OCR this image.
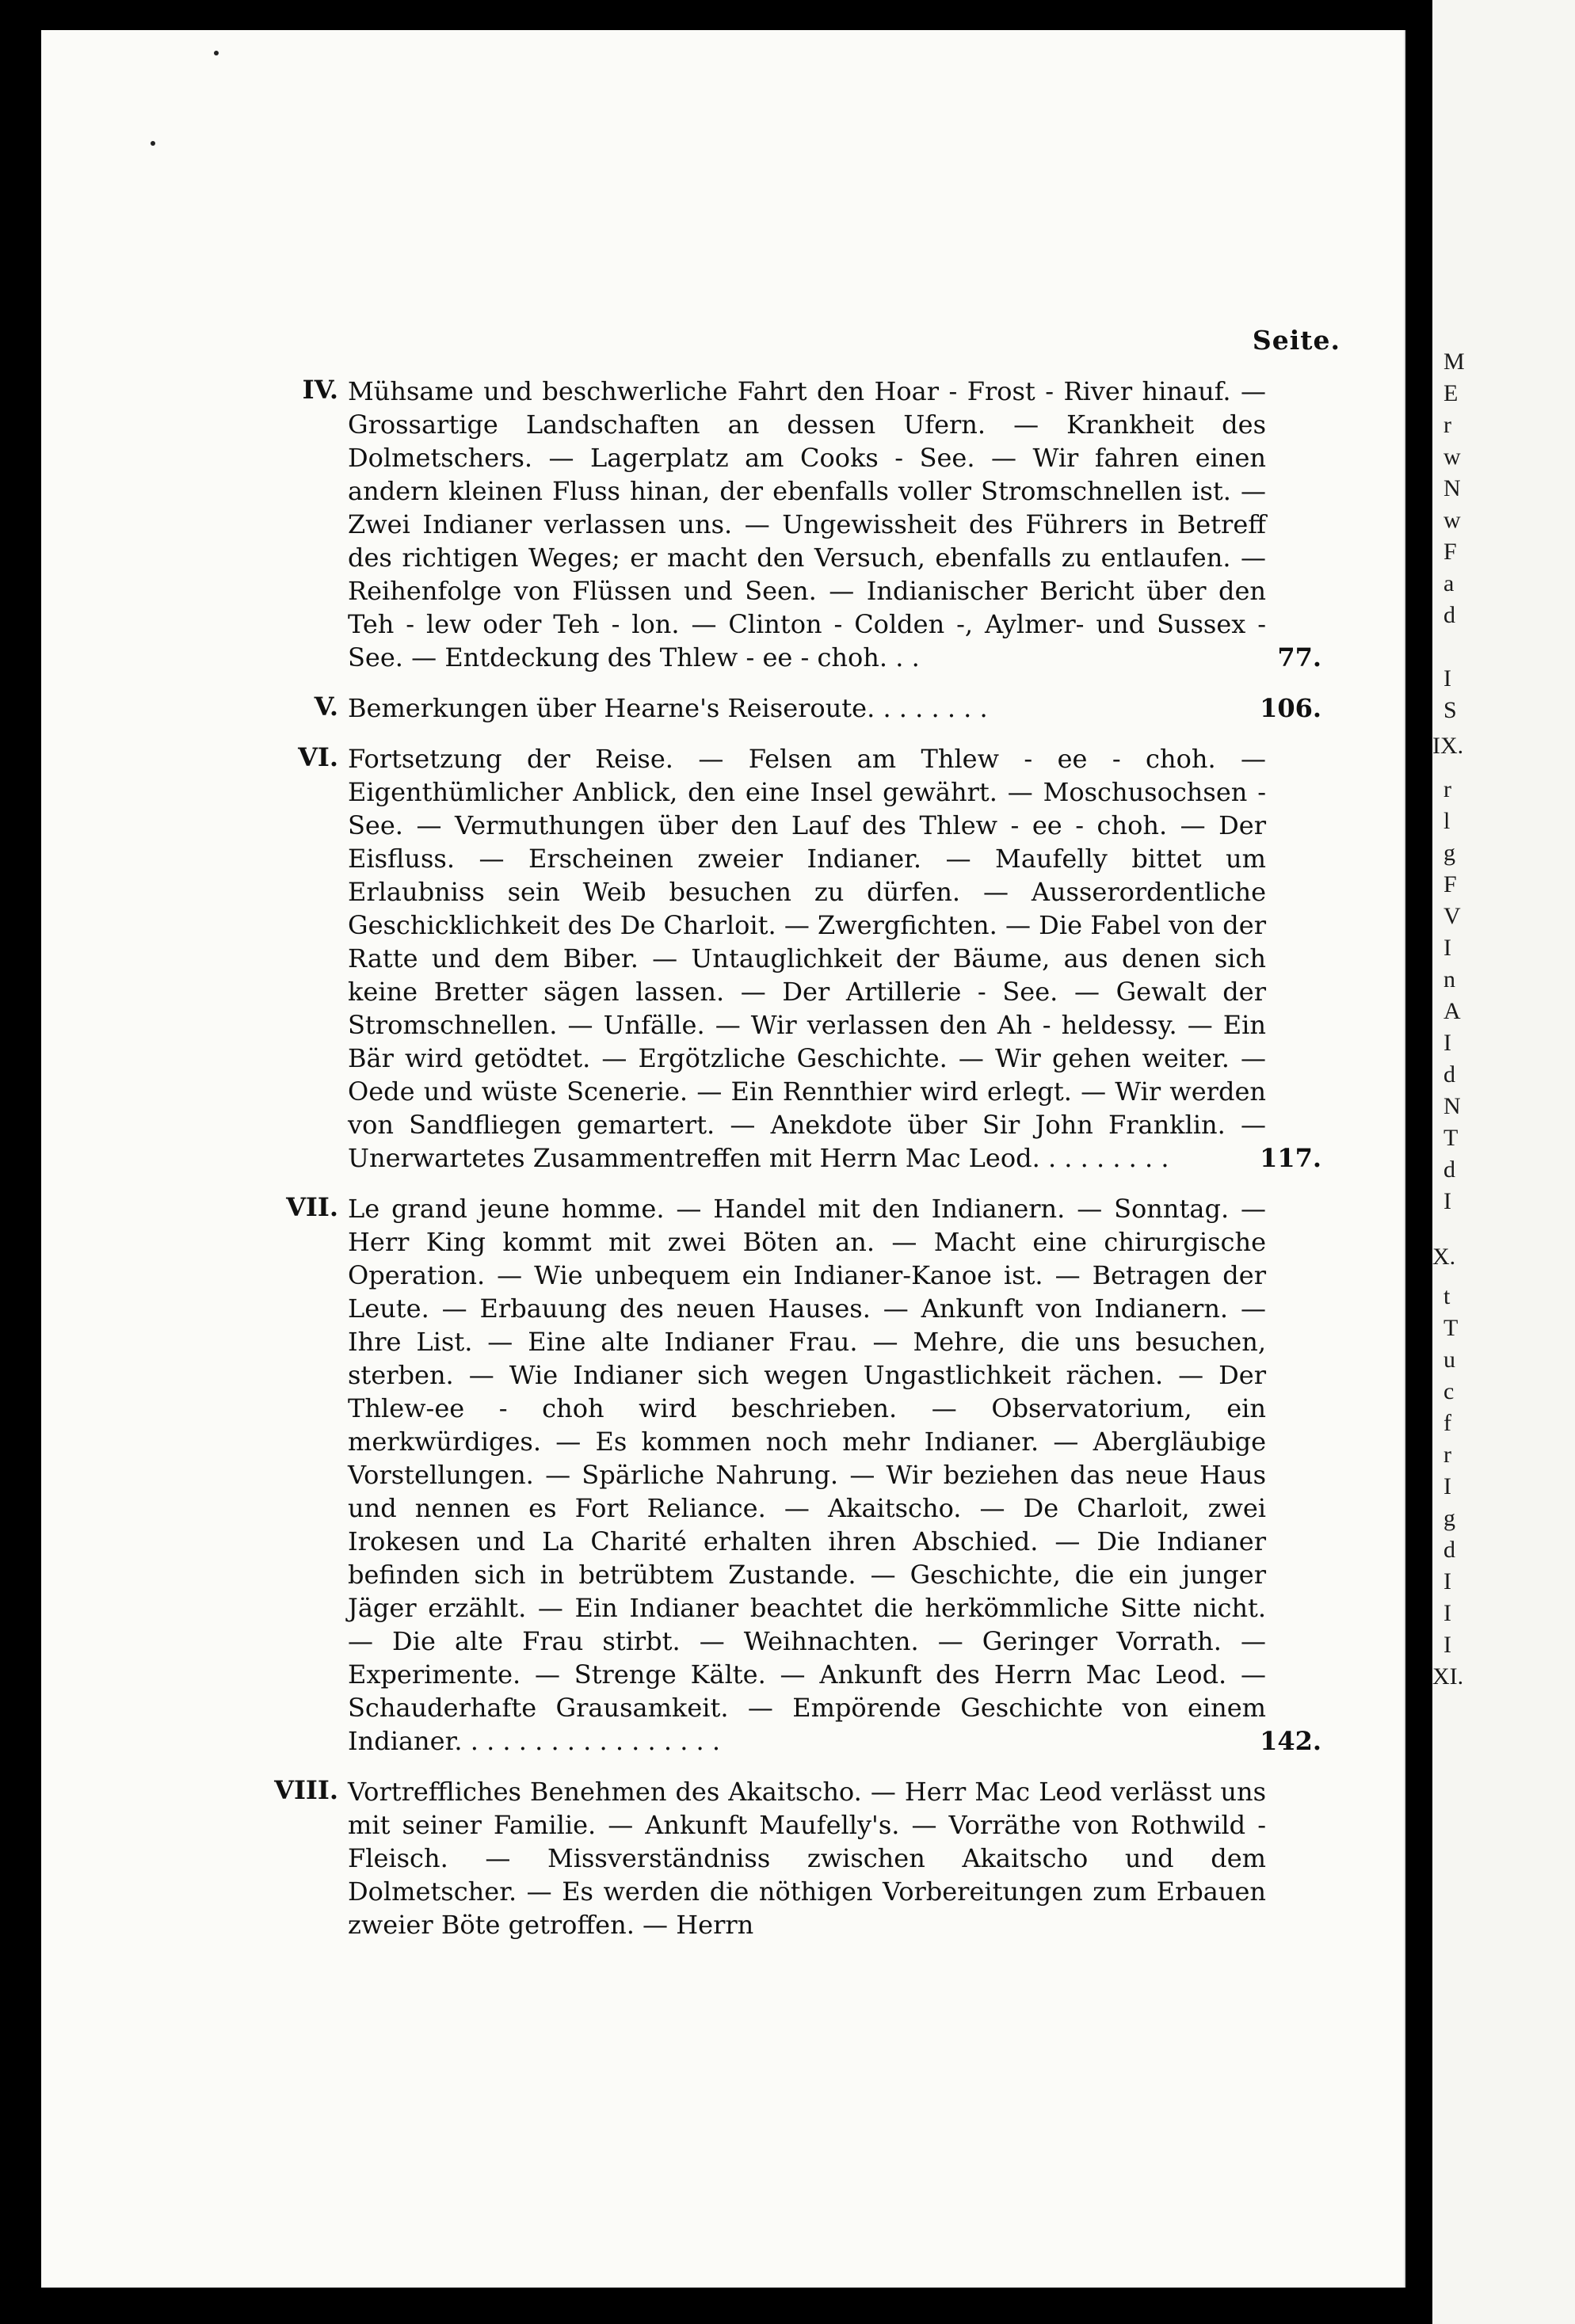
Seite.
IV. Mühsame und beschwerliche Fahrt den Hoar - Frost - River hinauf. — Grossartige Landschaften an dessen Ufern. — Krankheit des Dolmetschers. — Lagerplatz am Cooks - See. — Wir fahren einen andern kleinen Fluss hinan, der ebenfalls voller Stromschnellen ist. — Zwei Indianer verlassen uns. — Ungewissheit des Führers in Betreff des richtigen Weges; er macht den Versuch, ebenfalls zu entlaufen. — Reihenfolge von Flüssen und Seen. — Indianischer Bericht über den Teh - lew oder Teh - lon. — Clinton - Colden -, Aylmer- und Sussex - See. — Entdeckung des Thlew - ee - choh. . .	77.
V. Bemerkungen über Hearne's Reiseroute. . . . . . . .	106.
VI. Fortsetzung der Reise. — Felsen am Thlew - ee - choh. — Eigenthümlicher Anblick, den eine Insel gewährt. — Moschusochsen - See. — Vermuthungen über den Lauf des Thlew - ee - choh. — Der Eisfluss. — Erscheinen zweier Indianer. — Maufelly bittet um Erlaubniss sein Weib besuchen zu dürfen. — Ausserordentliche Geschicklichkeit des De Charloit. — Zwergfichten. — Die Fabel von der Ratte und dem Biber. — Untauglichkeit der Bäume, aus denen sich keine Bretter sägen lassen. — Der Artillerie - See. — Gewalt der Stromschnellen. — Unfälle. — Wir verlassen den Ah - heldessy. — Ein Bär wird getödtet. — Ergötzliche Geschichte. — Wir gehen weiter. — Oede und wüste Scenerie. — Ein Rennthier wird erlegt. — Wir werden von Sandfliegen gemartert. — Anekdote über Sir John Franklin. — Unerwartetes Zusammentreffen mit Herrn Mac Leod. . . . . . . . .	117.
VII. Le grand jeune homme. — Handel mit den Indianern. — Sonntag. — Herr King kommt mit zwei Böten an. — Macht eine chirurgische Operation. — Wie unbequem ein Indianer-Kanoe ist. — Betragen der Leute. — Erbauung des neuen Hauses. — Ankunft von Indianern. — Ihre List. — Eine alte Indianer Frau. — Mehre, die uns besuchen, sterben. — Wie Indianer sich wegen Ungastlichkeit rächen. — Der Thlew-ee - choh wird beschrieben. — Observatorium, ein merkwürdiges. — Es kommen noch mehr Indianer. — Abergläubige Vorstellungen. — Spärliche Nahrung. — Wir beziehen das neue Haus und nennen es Fort Reliance. — Akaitscho. — De Charloit, zwei Irokesen und La Charité erhalten ihren Abschied. — Die Indianer befinden sich in betrübtem Zustande. — Geschichte, die ein junger Jäger erzählt. — Ein Indianer beachtet die herkömmliche Sitte nicht. — Die alte Frau stirbt. — Weihnachten. — Geringer Vorrath. — Experimente. — Strenge Kälte. — Ankunft des Herrn Mac Leod. — Schauderhafte Grausamkeit. — Empörende Geschichte von einem Indianer. . . . . . . . . . . . . . . . .	142.
VIII. Vortreffliches Benehmen des Akaitscho. — Herr Mac Leod verlässt uns mit seiner Familie. — Ankunft Maufelly's. — Vorräthe von Rothwild - Fleisch. — Missverständniss zwischen Akaitscho und dem Dolmetscher. — Es werden die nöthigen Vorbereitungen zum Erbauen zweier Böte getroffen. — Herrn
M
E
r
w
N
w
F
a
d
I
S
IX.
r
l
g
F
V
I
n
A
I
d
N
T
d
I
X.
t
T
u
c
f
r
I
g
d
I
I
I
XI.
